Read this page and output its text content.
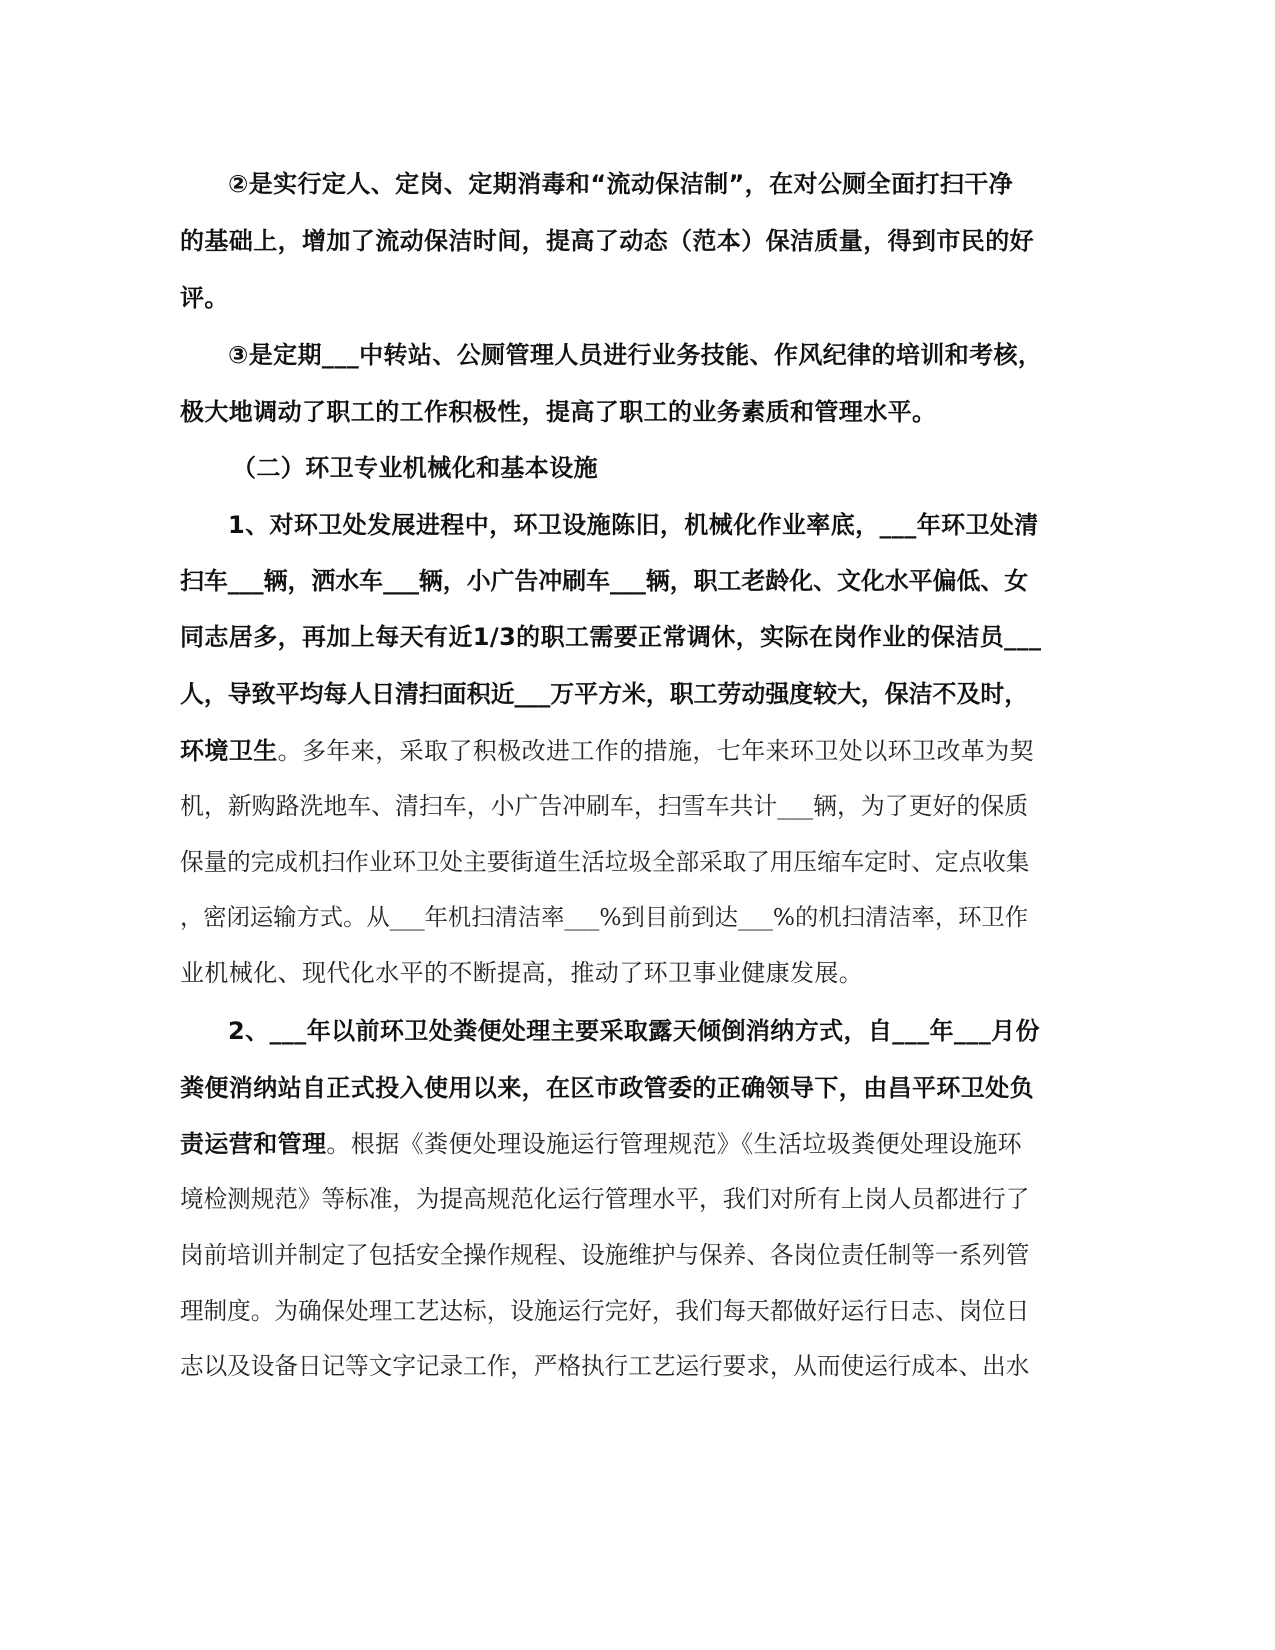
②是实行定人、定岗、定期消毒和“流动保洁制”，在对公厕全面打扫干净
的基础上，增加了流动保洁时间，提高了动态（范本）保洁质量，得到市民的好
评。
③是定期___中转站、公厕管理人员进行业务技能、作风纪律的培训和考核，
极大地调动了职工的工作积极性，提高了职工的业务素质和管理水平。
（二）环卫专业机械化和基本设施
1、对环卫处发展进程中，环卫设施陈旧，机械化作业率底，___年环卫处清
扫车___辆，洒水车___辆，小广告冲刷车___辆，职工老龄化、文化水平偏低、女
同志居多，再加上每天有近1/3的职工需要正常调休，实际在岗作业的保洁员___
人，导致平均每人日清扫面积近___万平方米，职工劳动强度较大，保洁不及时，
环境卫生。多年来，采取了积极改进工作的措施，七年来环卫处以环卫改革为契
机，新购路洗地车、清扫车，小广告冲刷车，扫雪车共计___辆，为了更好的保质
保量的完成机扫作业环卫处主要街道生活垃圾全部采取了用压缩车定时、定点收集
，密闭运输方式。从___年机扫清洁率___%到目前到达___%的机扫清洁率，环卫作
业机械化、现代化水平的不断提高，推动了环卫事业健康发展。
2、___年以前环卫处粪便处理主要采取露天倾倒消纳方式，自___年___月份
粪便消纳站自正式投入使用以来，在区市政管委的正确领导下，由昌平环卫处负
责运营和管理。根据《粪便处理设施运行管理规范》《生活垃圾粪便处理设施环
境检测规范》等标准，为提高规范化运行管理水平，我们对所有上岗人员都进行了
岗前培训并制定了包括安全操作规程、设施维护与保养、各岗位责任制等一系列管
理制度。为确保处理工艺达标，设施运行完好，我们每天都做好运行日志、岗位日
志以及设备日记等文字记录工作，严格执行工艺运行要求，从而使运行成本、出水
